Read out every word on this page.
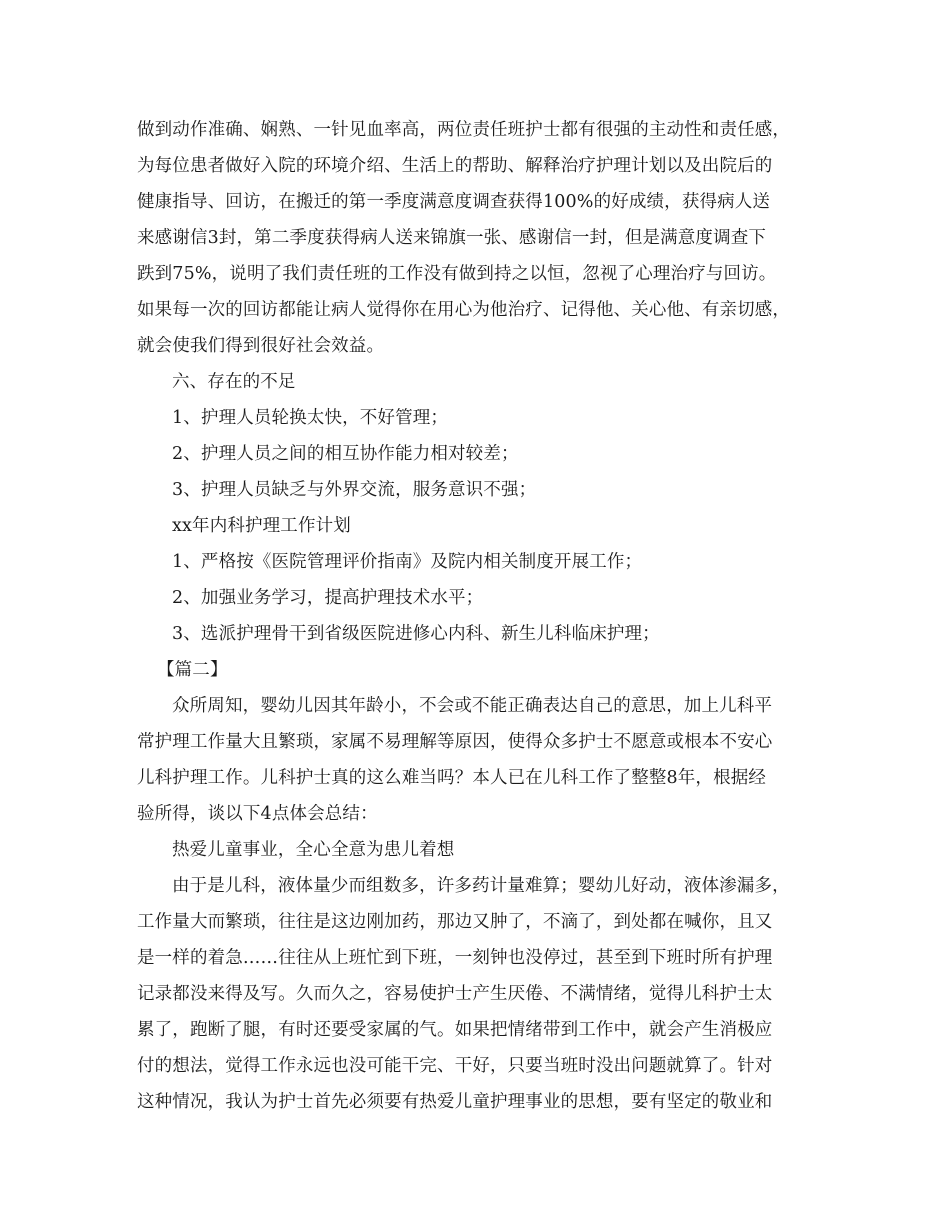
做到动作准确、娴熟、一针见血率高，两位责任班护士都有很强的主动性和责任感，

为每位患者做好入院的环境介绍、生活上的帮助、解释治疗护理计划以及出院后的

健康指导、回访，在搬迁的第一季度满意度调查获得100%的好成绩，获得病人送

来感谢信3封，第二季度获得病人送来锦旗一张、感谢信一封，但是满意度调查下

跌到75%，说明了我们责任班的工作没有做到持之以恒，忽视了心理治疗与回访。

如果每一次的回访都能让病人觉得你在用心为他治疗、记得他、关心他、有亲切感，

就会使我们得到很好社会效益。

六、存在的不足

1、护理人员轮换太快，不好管理；

2、护理人员之间的相互协作能力相对较差；

3、护理人员缺乏与外界交流，服务意识不强；

xx年内科护理工作计划

1、严格按《医院管理评价指南》及院内相关制度开展工作；

2、加强业务学习，提高护理技术水平；

3、选派护理骨干到省级医院进修心内科、新生儿科临床护理；

【篇二】

众所周知，婴幼儿因其年龄小，不会或不能正确表达自己的意思，加上儿科平

常护理工作量大且繁琐，家属不易理解等原因，使得众多护士不愿意或根本不安心

儿科护理工作。儿科护士真的这么难当吗？本人已在儿科工作了整整8年，根据经

验所得，谈以下4点体会总结：

热爱儿童事业，全心全意为患儿着想

由于是儿科，液体量少而组数多，许多药计量难算；婴幼儿好动，液体渗漏多，

工作量大而繁琐，往往是这边刚加药，那边又肿了，不滴了，到处都在喊你，且又

是一样的着急……往往从上班忙到下班，一刻钟也没停过，甚至到下班时所有护理

记录都没来得及写。久而久之，容易使护士产生厌倦、不满情绪，觉得儿科护士太

累了，跑断了腿，有时还要受家属的气。如果把情绪带到工作中，就会产生消极应

付的想法，觉得工作永远也没可能干完、干好，只要当班时没出问题就算了。针对

这种情况，我认为护士首先必须要有热爱儿童护理事业的思想，要有坚定的敬业和
